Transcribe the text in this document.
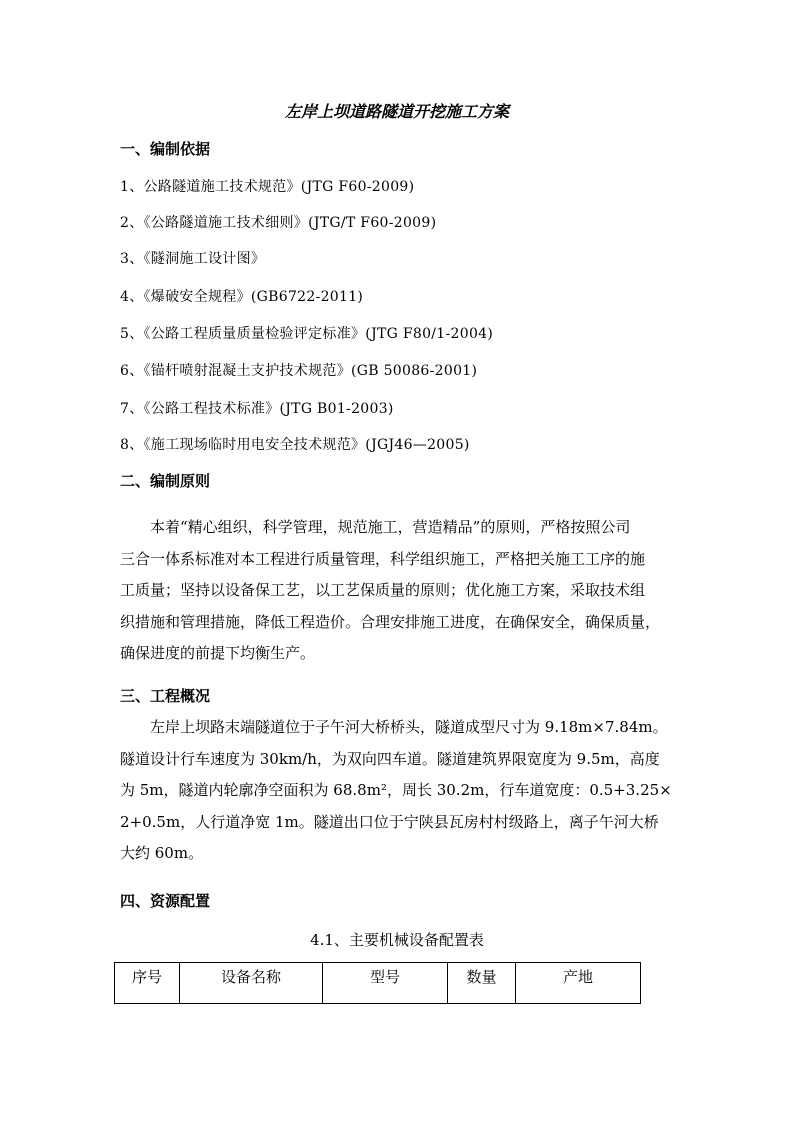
左岸上坝道路隧道开挖施工方案
一、编制依据
1、公路隧道施工技术规范》(JTG F60-2009)
2、《公路隧道施工技术细则》(JTG/T F60-2009)
3、《隧洞施工设计图》
4、《爆破安全规程》(GB6722-2011)
5、《公路工程质量质量检验评定标准》(JTG F80/1-2004)
6、《锚杆喷射混凝土支护技术规范》(GB 50086-2001)
7、《公路工程技术标准》(JTG B01-2003)
8、《施工现场临时用电安全技术规范》(JGJ46—2005)
二、编制原则

本着“精心组织，科学管理，规范施工，营造精品”的原则，严格按照公司

三合一体系标准对本工程进行质量管理，科学组织施工，严格把关施工工序的施

工质量；坚持以设备保工艺，以工艺保质量的原则；优化施工方案，采取技术组

织措施和管理措施，降低工程造价。合理安排施工进度，在确保安全，确保质量，

确保进度的前提下均衡生产。

三、工程概况

左岸上坝路末端隧道位于子午河大桥桥头，隧道成型尺寸为 9.18m×7.84m。

隧道设计行车速度为 30km/h，为双向四车道。隧道建筑界限宽度为 9.5m，高度

为 5m，隧道内轮廓净空面积为 68.8m²，周长 30.2m，行车道宽度：0.5+3.25×

2+0.5m，人行道净宽 1m。隧道出口位于宁陕县瓦房村村级路上，离子午河大桥

大约 60m。

四、资源配置
4.1、主要机械设备配置表
序号	设备名称	型号	数量	产地
